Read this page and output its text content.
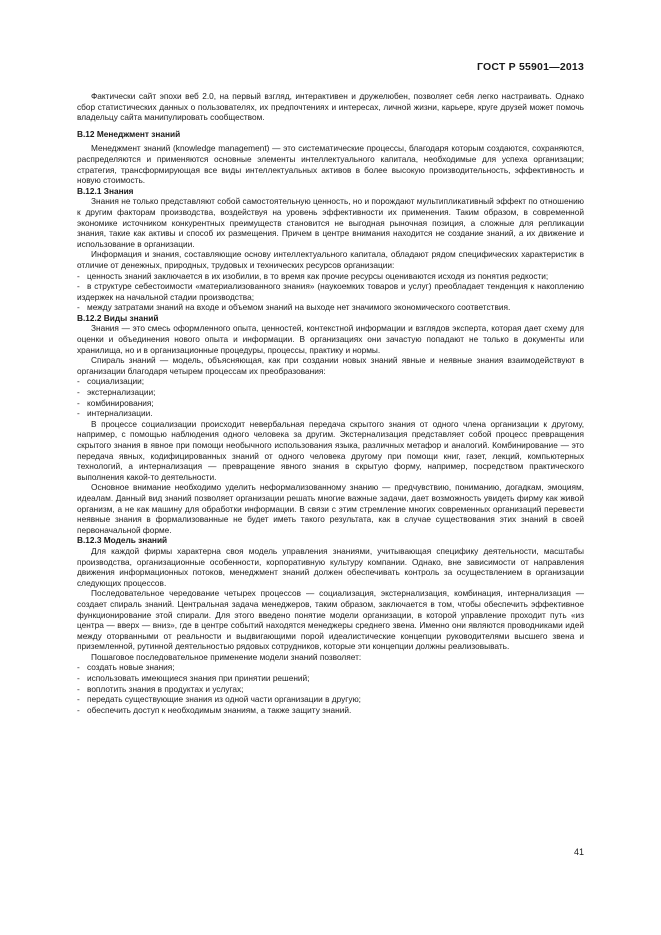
ГОСТ Р 55901—2013

Фактически сайт эпохи веб 2.0, на первый взгляд, интерактивен и дружелюбен, позволяет себя легко настраивать. Однако сбор статистических данных о пользователях, их предпочтениях и интересах, личной жизни, карьере, круге друзей может помочь владельцу сайта манипулировать сообществом.

B.12 Менеджмент знаний

Менеджмент знаний (knowledge management) — это систематические процессы, благодаря которым создаются, сохраняются, распределяются и применяются основные элементы интеллектуального капитала, необходимые для успеха организации; стратегия, трансформирующая все виды интеллектуальных активов в более высокую производительность, эффективность и новую стоимость.

B.12.1 Знания

Знания не только представляют собой самостоятельную ценность, но и порождают мультипликативный эффект по отношению к другим факторам производства, воздействуя на уровень эффективности их применения. Таким образом, в современной экономике источником конкурентных преимуществ становится не выгодная рыночная позиция, а сложные для репликации знания, такие как активы и способ их размещения. Причем в центре внимания находится не создание знаний, а их движение и использование в организации.

Информация и знания, составляющие основу интеллектуального капитала, обладают рядом специфических характеристик в отличие от денежных, природных, трудовых и технических ресурсов организации:

- ценность знаний заключается в их изобилии, в то время как прочие ресурсы оцениваются исходя из понятия редкости;

- в структуре себестоимости «материализованного знания» (наукоемких товаров и услуг) преобладает тенденция к накоплению издержек на начальной стадии производства;

- между затратами знаний на входе и объемом знаний на выходе нет значимого экономического соответствия.

B.12.2 Виды знаний

Знания — это смесь оформленного опыта, ценностей, контекстной информации и взглядов эксперта, которая дает схему для оценки и объединения нового опыта и информации. В организациях они зачастую попадают не только в документы или хранилища, но и в организационные процедуры, процессы, практику и нормы.

Спираль знаний — модель, объясняющая, как при создании новых знаний явные и неявные знания взаимодействуют в организации благодаря четырем процессам их преобразования:

- социализации;

- экстернализации;

- комбинирования;

- интернализации.

В процессе социализации происходит невербальная передача скрытого знания от одного члена организации к другому, например, с помощью наблюдения одного человека за другим. Экстернализация представляет собой процесс превращения скрытого знания в явное при помощи необычного использования языка, различных метафор и аналогий. Комбинирование — это передача явных, кодифицированных знаний от одного человека другому при помощи книг, газет, лекций, компьютерных технологий, а интернализация — превращение явного знания в скрытую форму, например, посредством практического выполнения какой-то деятельности.

Основное внимание необходимо уделить неформализованному знанию — предчувствию, пониманию, догадкам, эмоциям, идеалам. Данный вид знаний позволяет организации решать многие важные задачи, дает возможность увидеть фирму как живой организм, а не как машину для обработки информации. В связи с этим стремление многих современных организаций перевести неявные знания в формализованные не будет иметь такого результата, как в случае существования этих знаний в своей первоначальной форме.

B.12.3 Модель знаний

Для каждой фирмы характерна своя модель управления знаниями, учитывающая специфику деятельности, масштабы производства, организационные особенности, корпоративную культуру компании. Однако, вне зависимости от направления движения информационных потоков, менеджмент знаний должен обеспечивать контроль за осуществлением в организации следующих процессов.

Последовательное чередование четырех процессов — социализация, экстернализация, комбинация, интернализация — создает спираль знаний. Центральная задача менеджеров, таким образом, заключается в том, чтобы обеспечить эффективное функционирование этой спирали. Для этого введено понятие модели организации, в которой управление проходит путь «из центра — вверх — вниз», где в центре событий находятся менеджеры среднего звена. Именно они являются проводниками идей между оторванными от реальности и выдвигающими порой идеалистические концепции руководителями высшего звена и приземленной, рутинной деятельностью рядовых сотрудников, которые эти концепции должны реализовывать.

Пошаговое последовательное применение модели знаний позволяет:

- создать новые знания;

- использовать имеющиеся знания при принятии решений;

- воплотить знания в продуктах и услугах;

- передать существующие знания из одной части организации в другую;

- обеспечить доступ к необходимым знаниям, а также защиту знаний.

41
